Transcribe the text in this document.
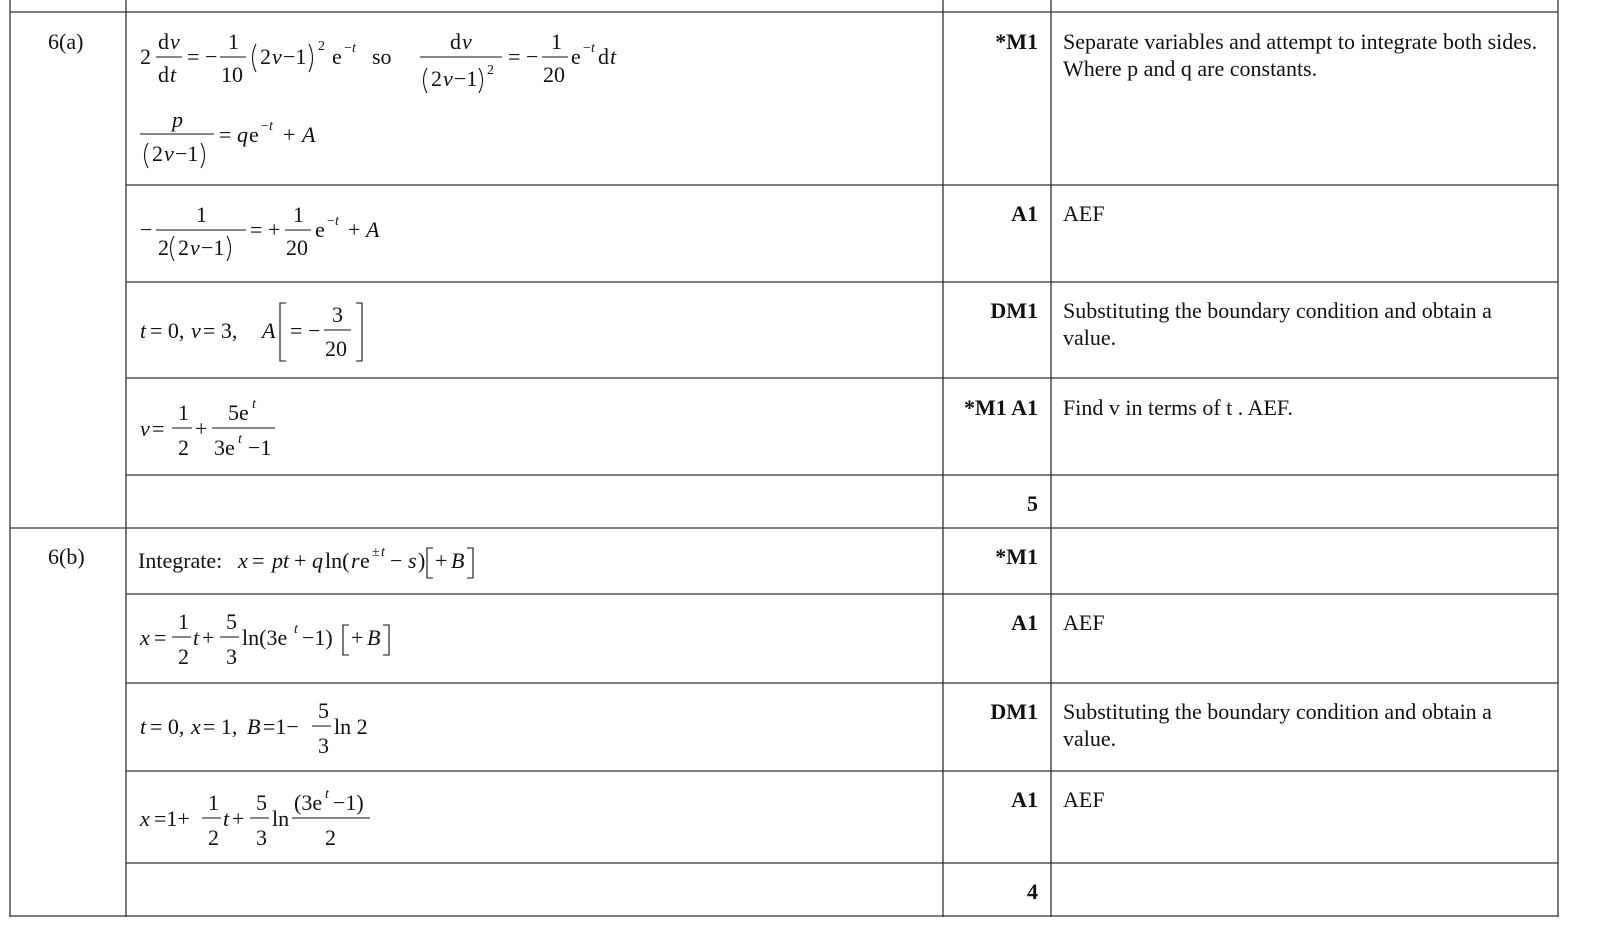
6(a)
6(b)
*M1
A1
DM1
*M1 A1
5
*M1
A1
DM1
A1
4
Separate variables and attempt to integrate both sides.
Where p and q are constants.
AEF
Substituting the boundary condition and obtain a value.
Find v in terms of t . AEF.
AEF
Substituting the boundary condition and obtain a value.
AEF
2
d v
d t
= −
1
10
2 v −1 2 e − t so
d v
2 v −1 2
= −
1
20
e − t d t
p
2 v −1
= q e − t + A
−
1
2 2 v −1
= +
1
20
e − t + A
t = 0, v = 3, A = −
3
20
v =
1
2
+
5e t
3e t −1
Integrate: x = pt + q ln( r e ± t − s ) + B
x =
1
2
t +
5
3
ln(3e t −1) + B
t = 0, x = 1, B =1−
5
3
ln 2
x =1+
1
2
t +
5
3
ln
(3e t −1)
2
